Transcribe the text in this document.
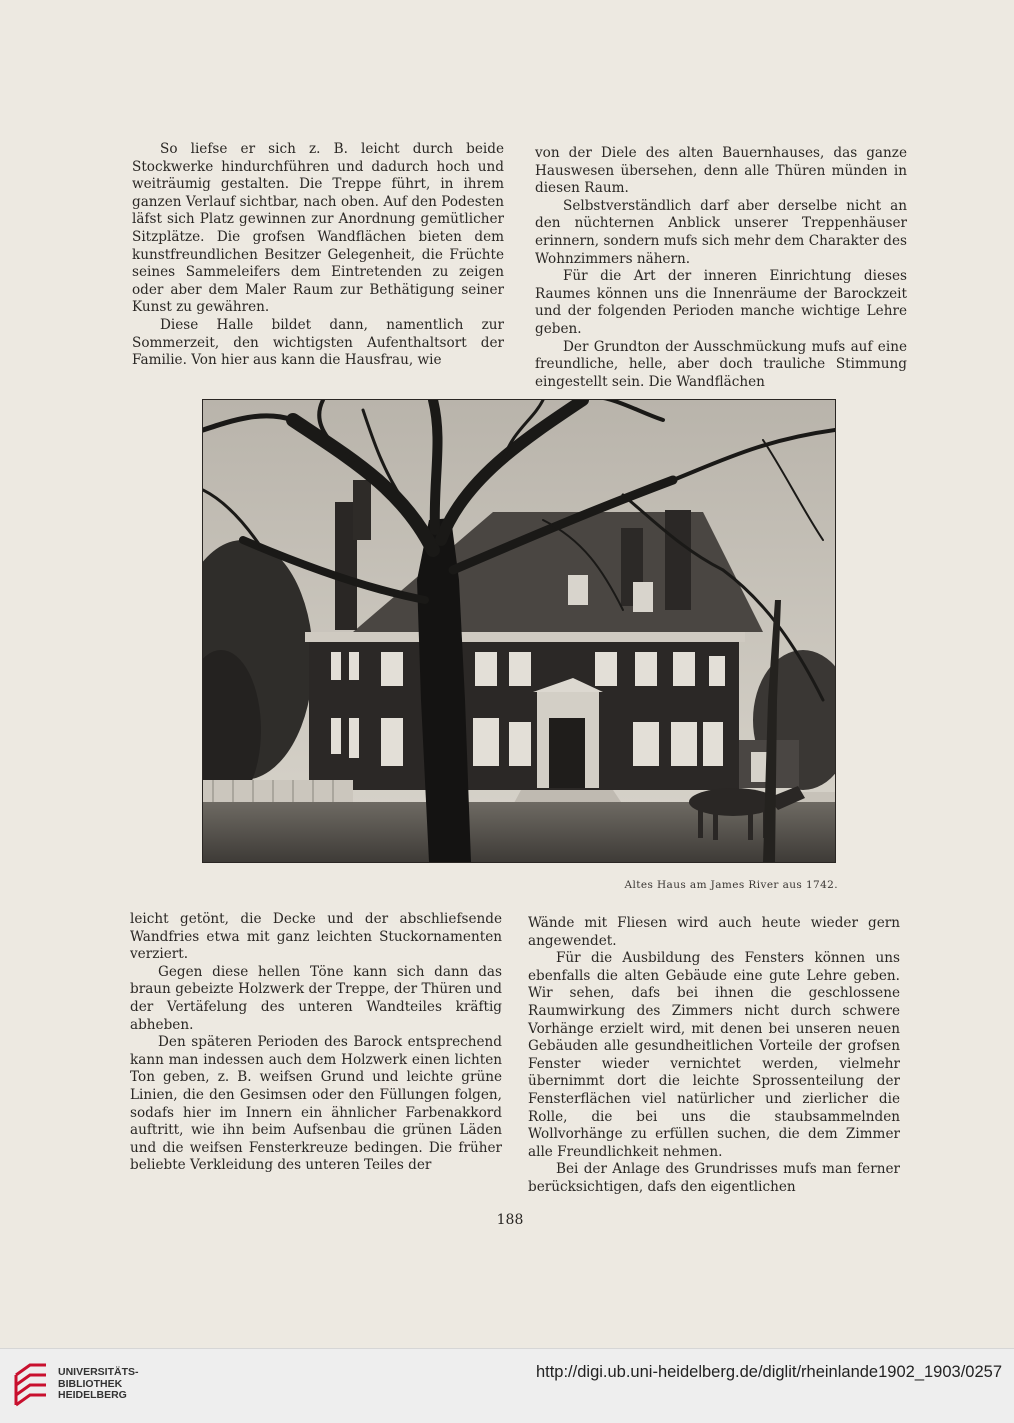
So liefse er sich z. B. leicht durch beide Stockwerke hindurchführen und dadurch hoch und weiträumig gestalten. Die Treppe führt, in ihrem ganzen Verlauf sichtbar, nach oben. Auf den Podesten läfst sich Platz gewinnen zur Anordnung gemütlicher Sitzplätze. Die grofsen Wandflächen bieten dem kunstfreundlichen Besitzer Gelegenheit, die Früchte seines Sammeleifers dem Eintretenden zu zeigen oder aber dem Maler Raum zur Bethätigung seiner Kunst zu gewähren.

Diese Halle bildet dann, namentlich zur Sommerzeit, den wichtigsten Aufenthaltsort der Familie. Von hier aus kann die Hausfrau, wie

von der Diele des alten Bauernhauses, das ganze Hauswesen übersehen, denn alle Thüren münden in diesen Raum.

Selbstverständlich darf aber derselbe nicht an den nüchternen Anblick unserer Treppenhäuser erinnern, sondern mufs sich mehr dem Charakter des Wohnzimmers nähern.

Für die Art der inneren Einrichtung dieses Raumes können uns die Innenräume der Barockzeit und der folgenden Perioden manche wichtige Lehre geben.

Der Grundton der Ausschmückung mufs auf eine freundliche, helle, aber doch trauliche Stimmung eingestellt sein. Die Wandflächen

Altes Haus am James River aus 1742.

leicht getönt, die Decke und der abschliefsende Wandfries etwa mit ganz leichten Stuckornamenten verziert.

Gegen diese hellen Töne kann sich dann das braun gebeizte Holzwerk der Treppe, der Thüren und der Vertäfelung des unteren Wandteiles kräftig abheben.

Den späteren Perioden des Barock entsprechend kann man indessen auch dem Holzwerk einen lichten Ton geben, z. B. weifsen Grund und leichte grüne Linien, die den Gesimsen oder den Füllungen folgen, sodafs hier im Innern ein ähnlicher Farbenakkord auftritt, wie ihn beim Aufsenbau die grünen Läden und die weifsen Fensterkreuze bedingen. Die früher beliebte Verkleidung des unteren Teiles der

Wände mit Fliesen wird auch heute wieder gern angewendet.

Für die Ausbildung des Fensters können uns ebenfalls die alten Gebäude eine gute Lehre geben. Wir sehen, dafs bei ihnen die geschlossene Raumwirkung des Zimmers nicht durch schwere Vorhänge erzielt wird, mit denen bei unseren neuen Gebäuden alle gesundheitlichen Vorteile der grofsen Fenster wieder vernichtet werden, vielmehr übernimmt dort die leichte Sprossenteilung der Fensterflächen viel natürlicher und zierlicher die Rolle, die bei uns die staubsammelnden Wollvorhänge zu erfüllen suchen, die dem Zimmer alle Freundlichkeit nehmen.

Bei der Anlage des Grundrisses mufs man ferner berücksichtigen, dafs den eigentlichen

188
UNIVERSITÄTS-
BIBLIOTHEK
HEIDELBERG
http://digi.ub.uni-heidelberg.de/diglit/rheinlande1902_1903/0257
